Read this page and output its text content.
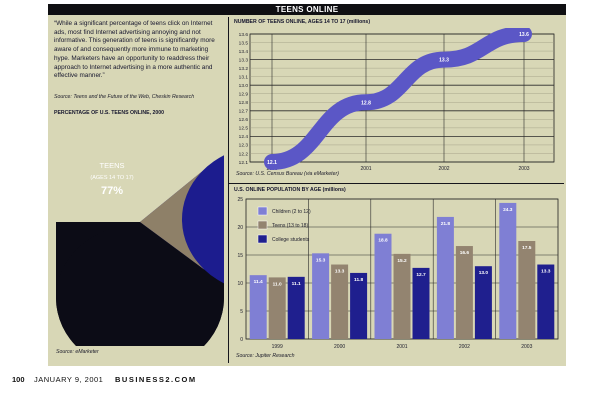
TEENS ONLINE
“While a significant percentage of teens click on Internet ads, most find Internet advertising annoying and not informative. This generation of teens is significantly more aware of and consequently more immune to marketing hype. Marketers have an opportunity to readdress their approach to Internet advertising in a more authentic and effective manner.”
Source: Teens and the Future of the Web, Cheskin Research
PERCENTAGE OF U.S. TEENS ONLINE, 2000
NUMBER OF TEENS ONLINE, AGES 14 TO 17 (millions)
U.S. ONLINE POPULATION BY AGE (millions)
TEENS
(AGES 14 TO 17)
77%
12.1
12.2
12.3
12.4
12.5
12.6
12.7
12.8
12.9
13.0
13.1
13.2
13.3
13.4
13.5
13.6
2000	2001	2002	2003
12.1
12.8
13.3
13.6
0
5
10
15
20
25
1999
11.4 11.0 11.1
2000
15.3
13.3
11.8
2001
18.8
15.2
12.7
2002
21.8
16.6
13.0
2003
24.3
17.5
13.3
Children (2 to 12)
Teens (13 to 18)
College students
Source: eMarketer
Source: U.S. Census Bureau (via eMarketer)
Source: Jupiter Research
100 JANUARY 9, 2001 BUSINESS2.COM
